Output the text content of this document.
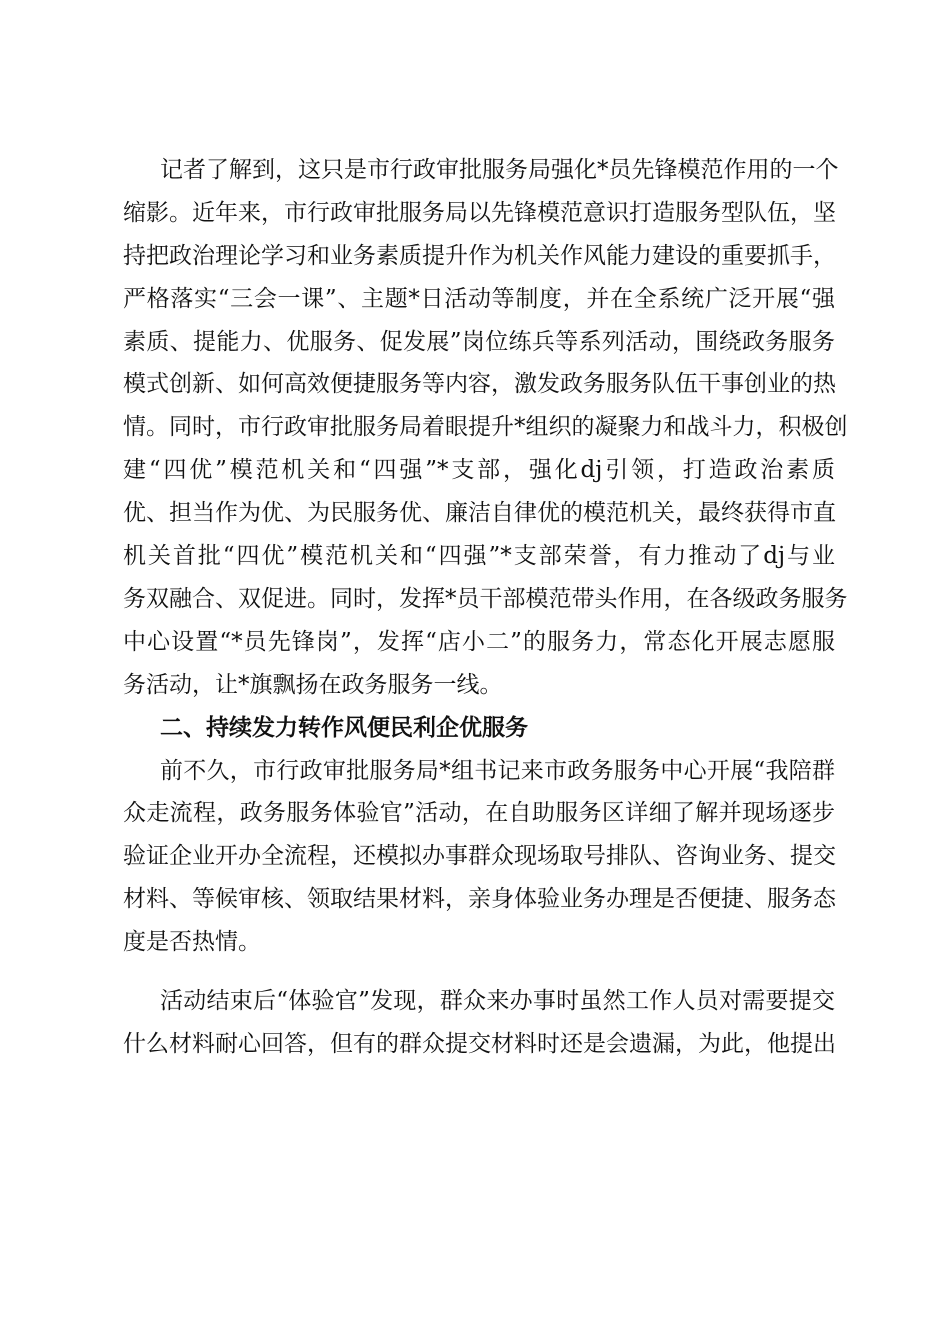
记者了解到，这只是市行政审批服务局强化*员先锋模范作用的一个
缩影。近年来，市行政审批服务局以先锋模范意识打造服务型队伍，坚
持把政治理论学习和业务素质提升作为机关作风能力建设的重要抓手，
严格落实“三会一课”、主题*日活动等制度，并在全系统广泛开展“强
素质、提能力、优服务、促发展”岗位练兵等系列活动，围绕政务服务
模式创新、如何高效便捷服务等内容，激发政务服务队伍干事创业的热
情。同时，市行政审批服务局着眼提升*组织的凝聚力和战斗力，积极创
建“四优”模范机关和“四强”*支部，强化dj引领，打造政治素质
优、担当作为优、为民服务优、廉洁自律优的模范机关，最终获得市直
机关首批“四优”模范机关和“四强”*支部荣誉，有力推动了dj与业
务双融合、双促进。同时，发挥*员干部模范带头作用，在各级政务服务
中心设置“*员先锋岗”，发挥“店小二”的服务力，常态化开展志愿服
务活动，让*旗飘扬在政务服务一线。
二、持续发力转作风便民利企优服务
前不久，市行政审批服务局*组书记来市政务服务中心开展“我陪群
众走流程，政务服务体验官”活动，在自助服务区详细了解并现场逐步
验证企业开办全流程，还模拟办事群众现场取号排队、咨询业务、提交
材料、等候审核、领取结果材料，亲身体验业务办理是否便捷、服务态
度是否热情。
活动结束后“体验官”发现，群众来办事时虽然工作人员对需要提交
什么材料耐心回答，但有的群众提交材料时还是会遗漏，为此，他提出
